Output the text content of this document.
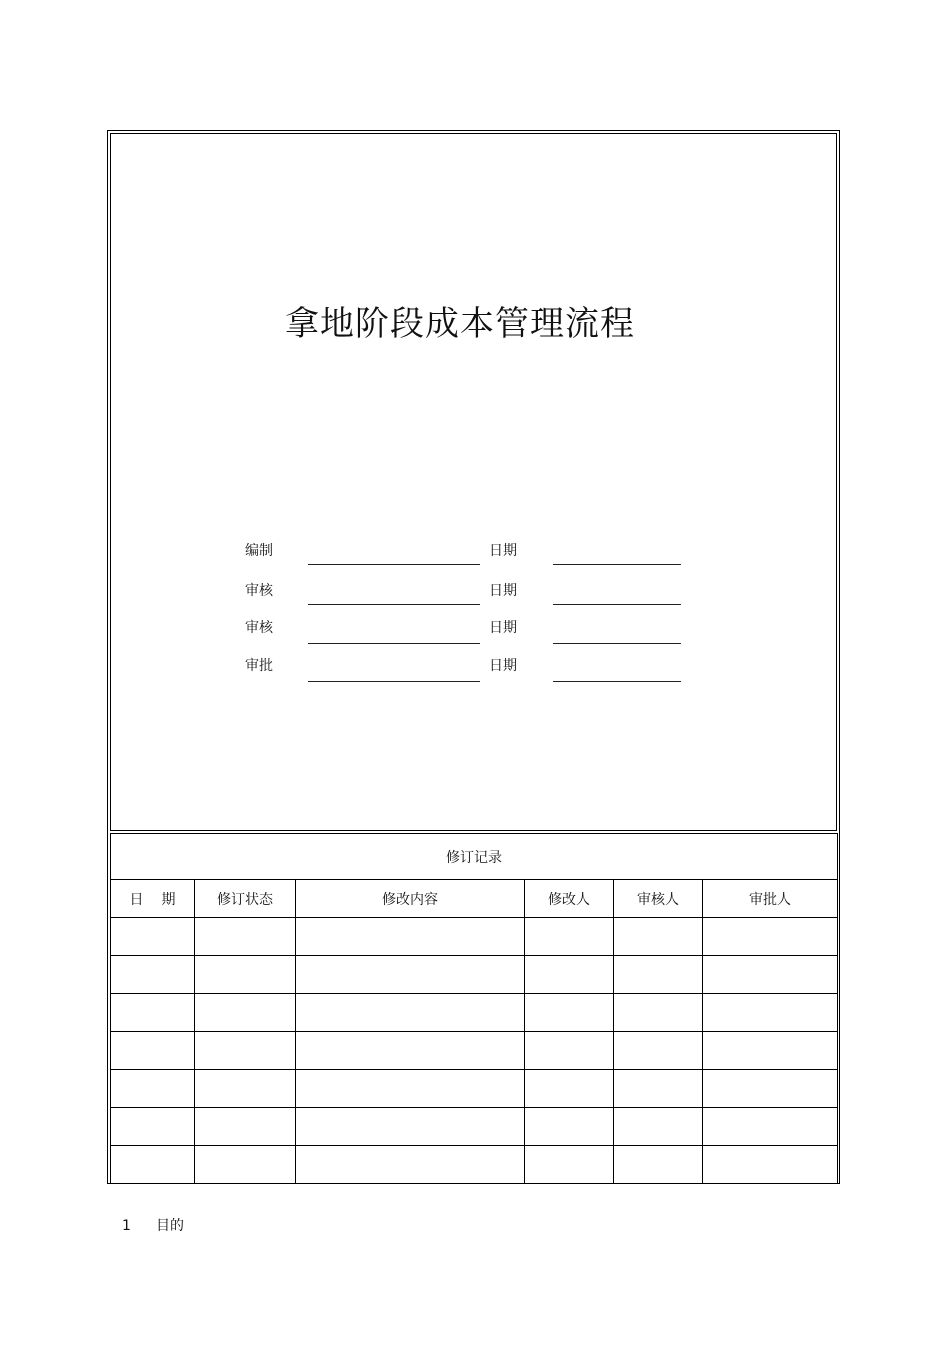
拿地阶段成本管理流程
编制	日期
审核	日期
审核	日期
审批	日期
修订记录					
日 期	修订状态	修改内容	修改人	审核人	审批人

1 目的
